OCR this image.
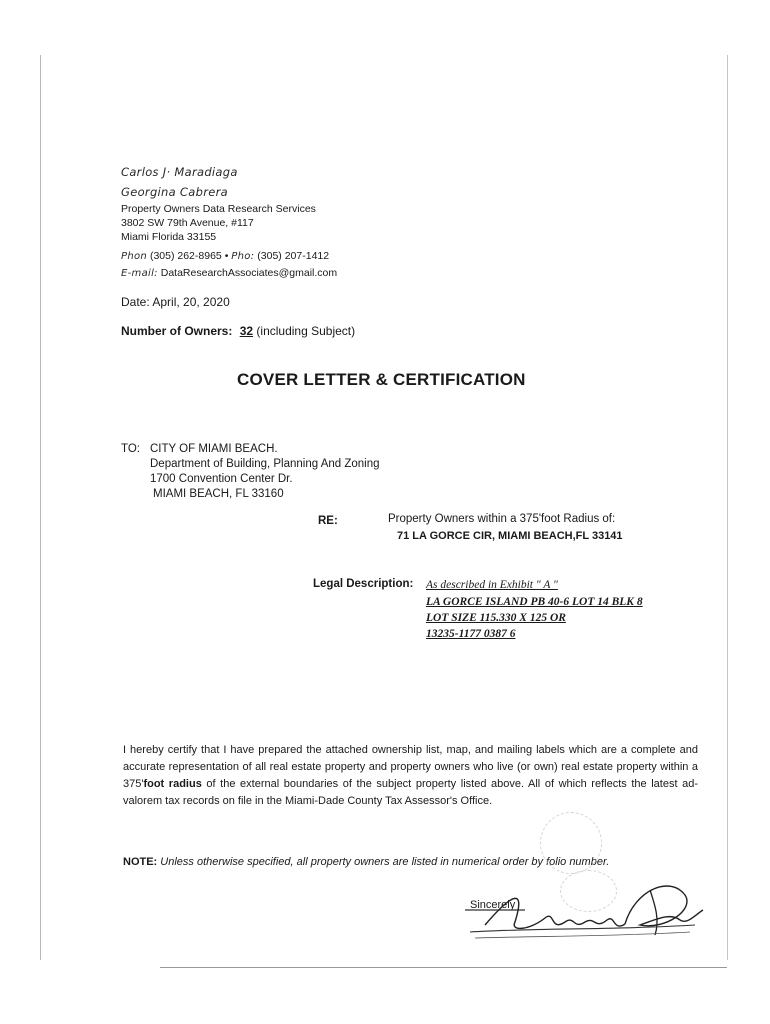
Carlos J· Maradiaga
Georgina Cabrera
Property Owners Data Research Services
3802 SW 79th Avenue, #117
Miami Florida 33155
Phon (305) 262-8965 • Pho: (305) 207-1412
E-mail: DataResearchAssociates@gmail.com
Date: April, 20, 2020
Number of Owners: 32 (including Subject)
COVER LETTER & CERTIFICATION
TO: CITY OF MIAMI BEACH.
Department of Building, Planning And Zoning
1700 Convention Center Dr.
MIAMI BEACH, FL 33160
RE:	Property Owners within a 375'foot Radius of:
71 LA GORCE CIR, MIAMI BEACH,FL 33141
Legal Description: As described in Exhibit " A "
LA GORCE ISLAND PB 40-6 LOT 14 BLK 8
LOT SIZE 115.330 X 125 OR
13235-1177 0387 6
I hereby certify that I have prepared the attached ownership list, map, and mailing labels which are a complete and accurate representation of all real estate property and property owners who live (or own) real estate property within a 375'foot radius of the external boundaries of the subject property listed above. All of which reflects the latest ad-valorem tax records on file in the Miami-Dade County Tax Assessor's Office.
NOTE: Unless otherwise specified, all property owners are listed in numerical order by folio number.
Sincerely
